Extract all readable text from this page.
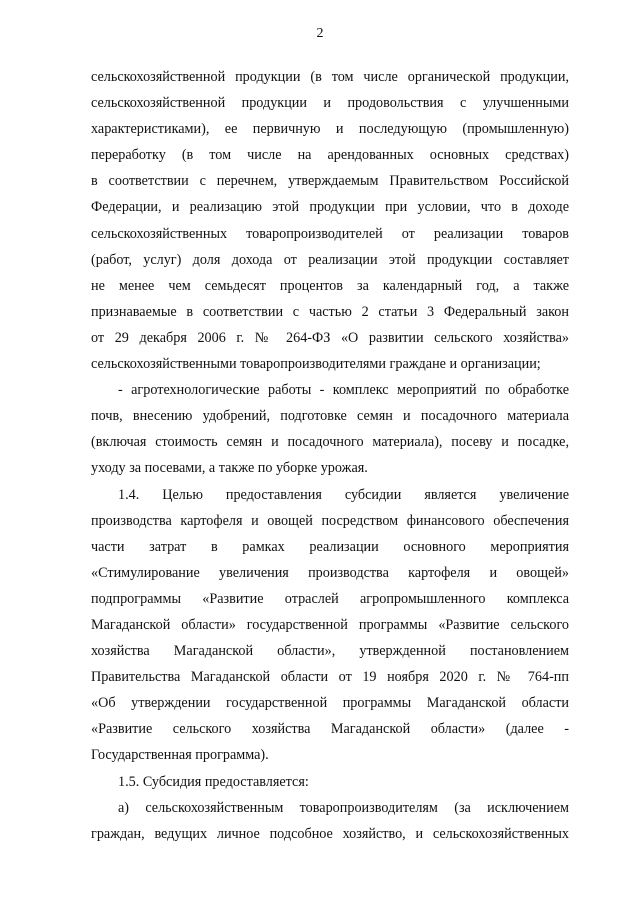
2
сельскохозяйственной продукции (в том числе органической продукции,
сельскохозяйственной продукции и продовольствия с улучшенными
характеристиками), ее первичную и последующую (промышленную)
переработку (в том числе на арендованных основных средствах)
в соответствии с перечнем, утверждаемым Правительством Российской
Федерации, и реализацию этой продукции при условии, что в доходе
сельскохозяйственных товаропроизводителей от реализации товаров
(работ, услуг) доля дохода от реализации этой продукции составляет
не менее чем семьдесят процентов за календарный год, а также
признаваемые в соответствии с частью 2 статьи 3 Федеральный закон
от 29 декабря 2006 г. № 264-ФЗ «О развитии сельского хозяйства»
сельскохозяйственными товаропроизводителями граждане и организации;
- агротехнологические работы - комплекс мероприятий по обработке
почв, внесению удобрений, подготовке семян и посадочного материала
(включая стоимость семян и посадочного материала), посеву и посадке,
уходу за посевами, а также по уборке урожая.
1.4. Целью предоставления субсидии является увеличение
производства картофеля и овощей посредством финансового обеспечения
части затрат в рамках реализации основного мероприятия
«Стимулирование увеличения производства картофеля и овощей»
подпрограммы «Развитие отраслей агропромышленного комплекса
Магаданской области» государственной программы «Развитие сельского
хозяйства Магаданской области», утвержденной постановлением
Правительства Магаданской области от 19 ноября 2020 г. № 764-пп
«Об утверждении государственной программы Магаданской области
«Развитие сельского хозяйства Магаданской области» (далее -
Государственная программа).
1.5. Субсидия предоставляется:
а) сельскохозяйственным товаропроизводителям (за исключением
граждан, ведущих личное подсобное хозяйство, и сельскохозяйственных
